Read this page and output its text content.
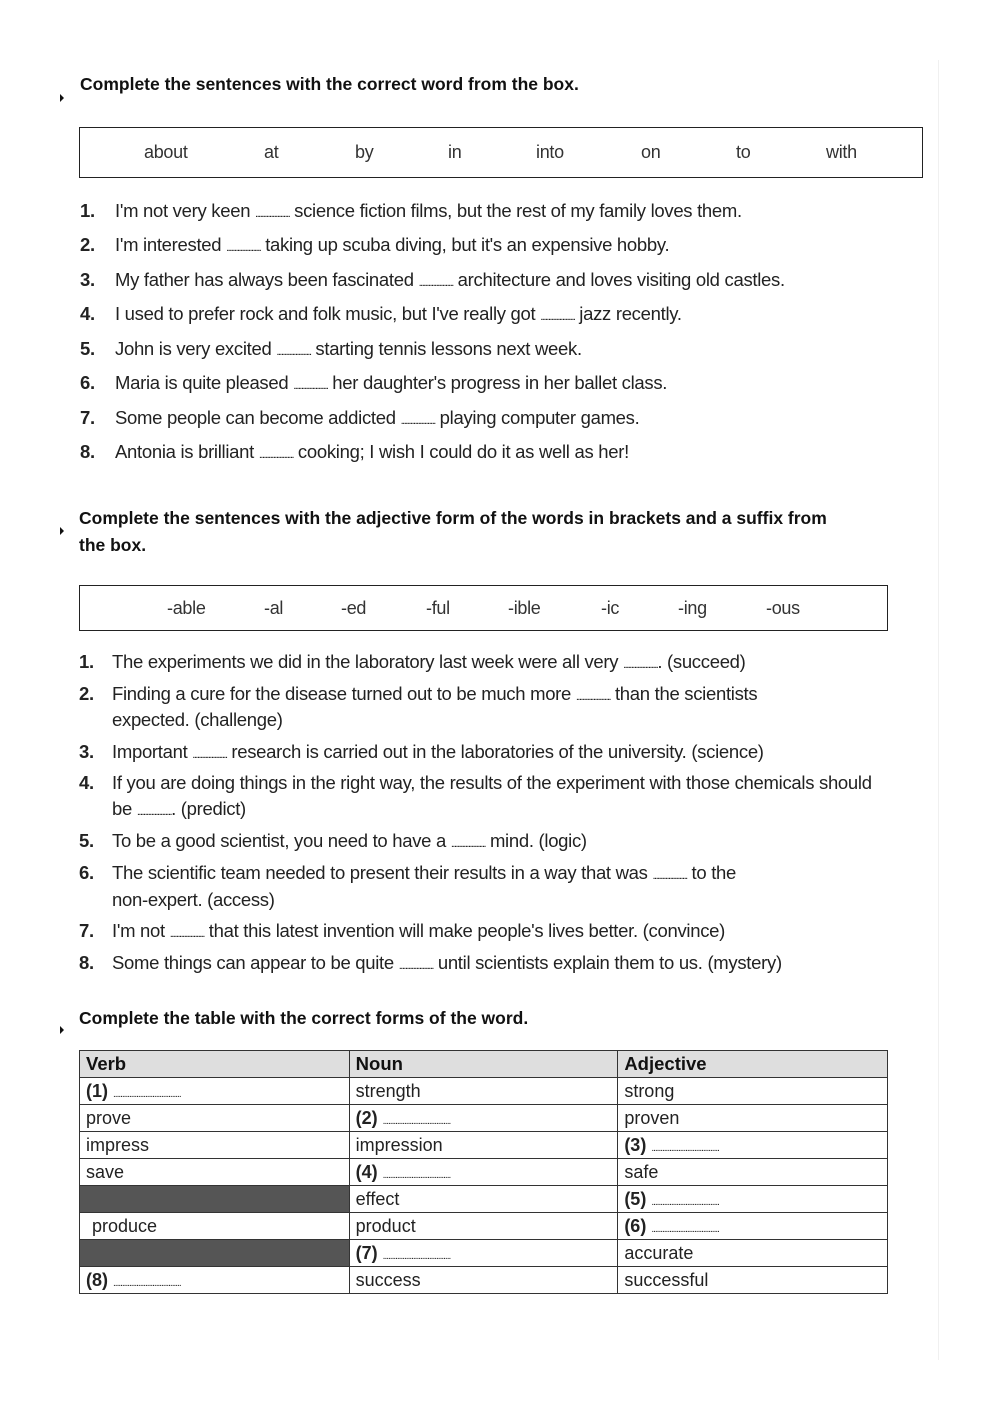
Complete the sentences with the correct word from the box.
about	at	by	in	into	on	to	with
1. I'm not very keen ...................... science fiction films, but the rest of my family loves them.
2. I'm interested ...................... taking up scuba diving, but it's an expensive hobby.
3. My father has always been fascinated ...................... architecture and loves visiting old castles.
4. I used to prefer rock and folk music, but I've really got ...................... jazz recently.
5. John is very excited ...................... starting tennis lessons next week.
6. Maria is quite pleased ...................... her daughter's progress in her ballet class.
7. Some people can become addicted ...................... playing computer games.
8. Antonia is brilliant ...................... cooking; I wish I could do it as well as her!
Complete the sentences with the adjective form of the words in brackets and a suffix from
the box.
-able	-al	-ed	-ful	-ible	-ic	-ing	-ous
1. The experiments we did in the laboratory last week were all very ....................... (succeed)
2. Finding a cure for the disease turned out to be much more ...................... than the scientists
expected. (challenge)
3. Important ...................... research is carried out in the laboratories of the university. (science)
4. If you are doing things in the right way, the results of the experiment with those chemicals should
be ....................... (predict)
5. To be a good scientist, you need to have a ...................... mind. (logic)
6. The scientific team needed to present their results in a way that was ...................... to the
non-expert. (access)
7. I'm not ...................... that this latest invention will make people's lives better. (convince)
8. Some things can appear to be quite ...................... until scientists explain them to us. (mystery)
Complete the table with the correct forms of the word.
Verb	Noun	Adjective
(1) ......................................	strength	strong
prove	(2) ......................................	proven
impress	impression	(3) ......................................
save	(4) ......................................	safe
	effect	(5) ......................................
produce	product	(6) ......................................
	(7) ......................................	accurate
(8) ......................................	success	successful
